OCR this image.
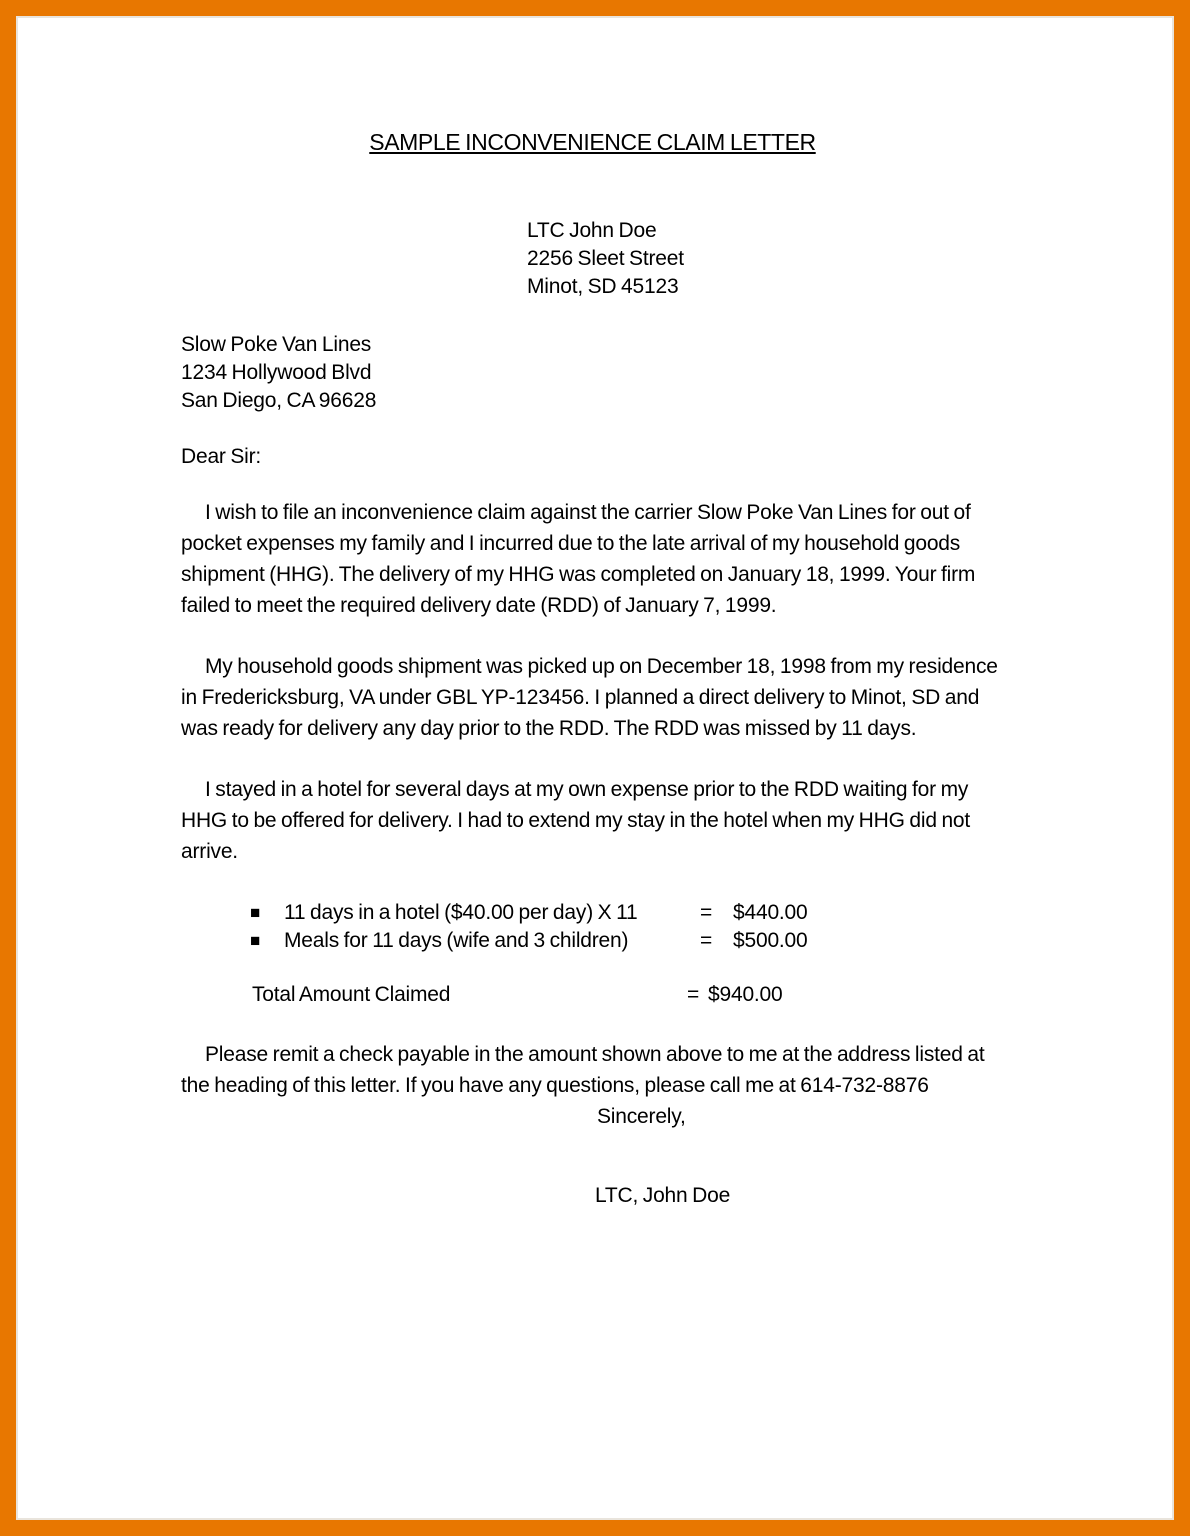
SAMPLE INCONVENIENCE CLAIM LETTER
LTC John Doe
2256 Sleet Street
Minot, SD 45123
Slow Poke Van Lines
1234 Hollywood Blvd
San Diego, CA 96628
Dear Sir:
I wish to file an inconvenience claim against the carrier Slow Poke Van Lines for out of pocket expenses my family and I incurred due to the late arrival of my household goods shipment (HHG). The delivery of my HHG was completed on January 18, 1999. Your firm failed to meet the required delivery date (RDD) of January 7, 1999.
My household goods shipment was picked up on December 18, 1998 from my residence in Fredericksburg, VA under GBL YP-123456. I planned a direct delivery to Minot, SD and was ready for delivery any day prior to the RDD. The RDD was missed by 11 days.
I stayed in a hotel for several days at my own expense prior to the RDD waiting for my HHG to be offered for delivery. I had to extend my stay in the hotel when my HHG did not arrive.
■	11 days in a hotel ($40.00 per day) X 11	= $440.00
■	Meals for 11 days (wife and 3 children)	= $500.00
Total Amount Claimed	= $940.00
Please remit a check payable in the amount shown above to me at the address listed at the heading of this letter. If you have any questions, please call me at 614-732-8876
Sincerely,
LTC, John Doe
